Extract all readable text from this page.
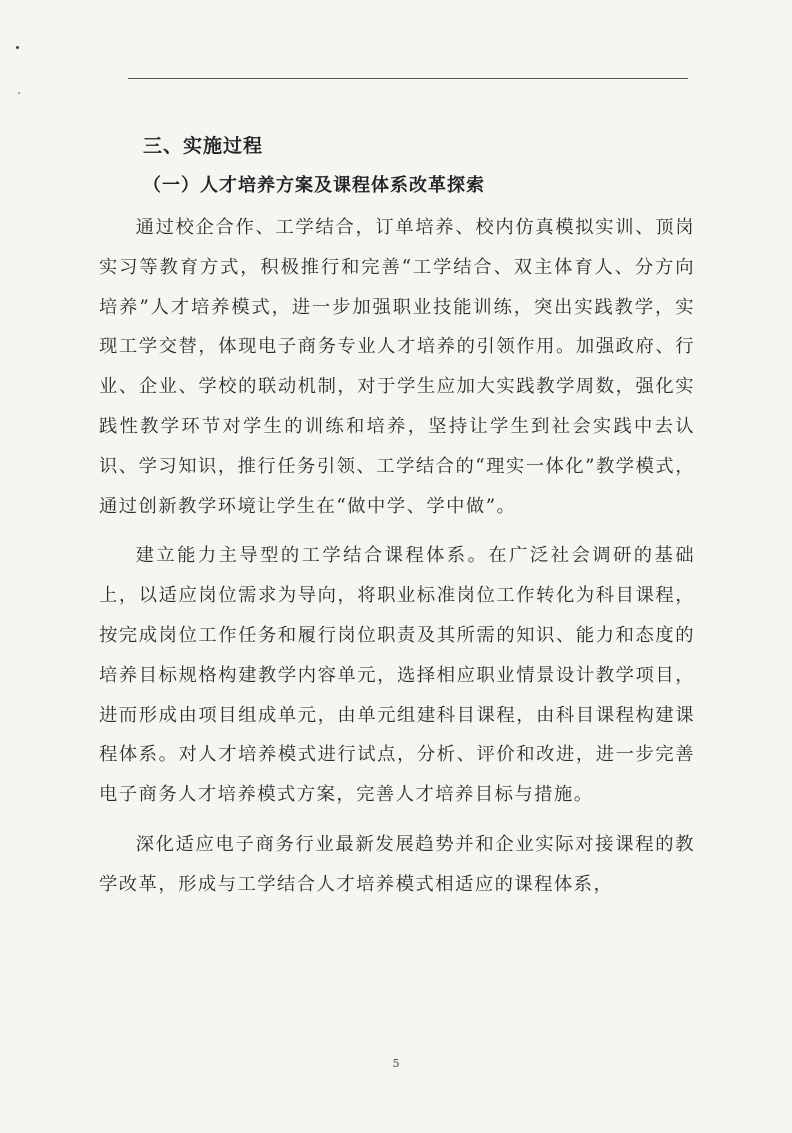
三、实施过程
（一）人才培养方案及课程体系改革探索

通过校企合作、工学结合，订单培养、校内仿真模拟实训、顶岗实习等教育方式，积极推行和完善“工学结合、双主体育人、分方向培养”人才培养模式，进一步加强职业技能训练，突出实践教学，实现工学交替，体现电子商务专业人才培养的引领作用。加强政府、行业、企业、学校的联动机制，对于学生应加大实践教学周数，强化实践性教学环节对学生的训练和培养，坚持让学生到社会实践中去认识、学习知识，推行任务引领、工学结合的“理实一体化”教学模式，通过创新教学环境让学生在“做中学、学中做”。

建立能力主导型的工学结合课程体系。在广泛社会调研的基础上，以适应岗位需求为导向，将职业标准岗位工作转化为科目课程，按完成岗位工作任务和履行岗位职责及其所需的知识、能力和态度的培养目标规格构建教学内容单元，选择相应职业情景设计教学项目，进而形成由项目组成单元，由单元组建科目课程，由科目课程构建课程体系。对人才培养模式进行试点，分析、评价和改进，进一步完善电子商务人才培养模式方案，完善人才培养目标与措施。

深化适应电子商务行业最新发展趋势并和企业实际对接课程的教学改革，形成与工学结合人才培养模式相适应的课程体系，

5
